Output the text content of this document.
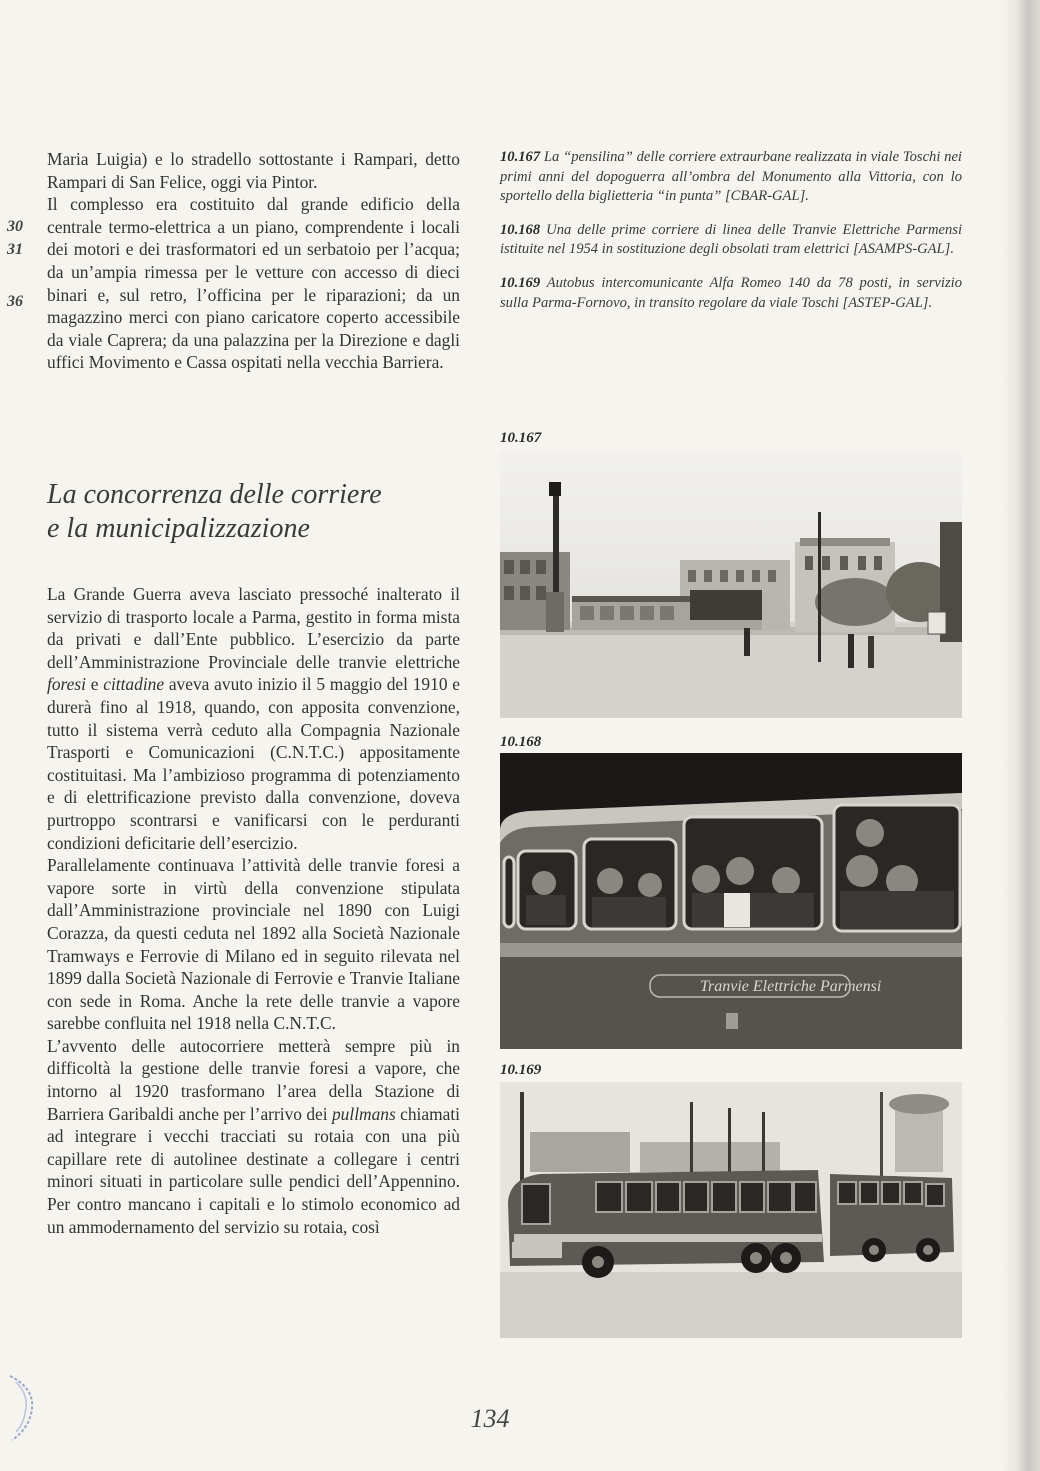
30
31
36

Maria Luigia) e lo stradello sottostante i Rampari, detto Rampari di San Felice, oggi via Pintor.

Il complesso era costituito dal grande edificio della centrale termo-elettrica a un piano, comprendente i locali dei motori e dei trasformatori ed un serbatoio per l’acqua; da un’ampia rimessa per le vetture con accesso di dieci binari e, sul retro, l’officina per le riparazioni; da un magazzino merci con piano caricatore coperto accessibile da viale Caprera; da una palazzina per la Direzione e dagli uffici Movimento e Cassa ospitati nella vecchia Barriera.

La concorrenza delle corriere
e la municipalizzazione

La Grande Guerra aveva lasciato pressoché inalterato il servizio di trasporto locale a Parma, gestito in forma mista da privati e dall’Ente pubblico. L’esercizio da parte dell’Amministrazione Provinciale delle tranvie elettriche foresi e cittadine aveva avuto inizio il 5 maggio del 1910 e durerà fino al 1918, quando, con apposita convenzione, tutto il sistema verrà ceduto alla Compagnia Nazionale Trasporti e Comunicazioni (C.N.T.C.) appositamente costituitasi. Ma l’ambizioso programma di potenziamento e di elettrificazione previsto dalla convenzione, doveva purtroppo scontrarsi e vanificarsi con le perduranti condizioni deficitarie dell’esercizio.

Parallelamente continuava l’attività delle tranvie foresi a vapore sorte in virtù della convenzione stipulata dall’Amministrazione provinciale nel 1890 con Luigi Corazza, da questi ceduta nel 1892 alla Società Nazionale Tramways e Ferrovie di Milano ed in seguito rilevata nel 1899 dalla Società Nazionale di Ferrovie e Tranvie Italiane con sede in Roma. Anche la rete delle tranvie a vapore sarebbe confluita nel 1918 nella C.N.T.C.

L’avvento delle autocorriere metterà sempre più in difficoltà la gestione delle tranvie foresi a vapore, che intorno al 1920 trasformano l’area della Stazione di Barriera Garibaldi anche per l’arrivo dei pullmans chiamati ad integrare i vecchi tracciati su rotaia con una più capillare rete di autolinee destinate a collegare i centri minori situati in particolare sulle pendici dell’Appennino. Per contro mancano i capitali e lo stimolo economico ad un ammodernamento del servizio su rotaia, così

10.167 La “pensilina” delle corriere extraurbane realizzata in viale Toschi nei primi anni del dopoguerra all’ombra del Monumento alla Vittoria, con lo sportello della biglietteria “in punta” [CBAR-GAL].
10.168 Una delle prime corriere di linea delle Tranvie Elettriche Parmensi istituite nel 1954 in sostituzione degli obsolati tram elettrici [ASAMPS-GAL].
10.169 Autobus intercomunicante Alfa Romeo 140 da 78 posti, in servizio sulla Parma-Fornovo, in transito regolare da viale Toschi [ASTEP-GAL].
10.167
10.168
Tranvie Elettriche Parmensi
10.169
134
